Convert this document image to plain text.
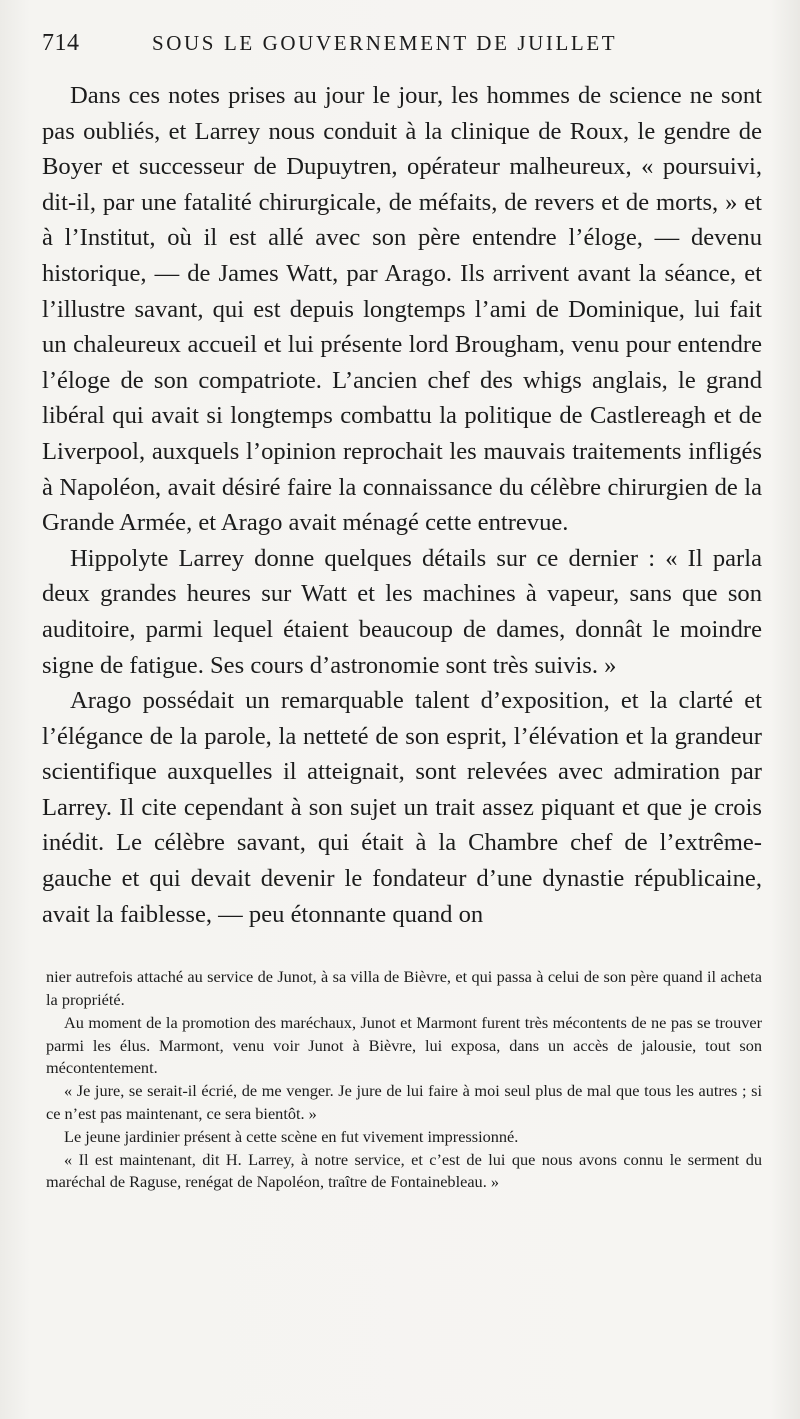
714	SOUS LE GOUVERNEMENT DE JUILLET

Dans ces notes prises au jour le jour, les hommes de science ne sont pas oubliés, et Larrey nous conduit à la clinique de Roux, le gendre de Boyer et successeur de Dupuytren, opérateur malheureux, « poursuivi, dit-il, par une fatalité chirurgicale, de méfaits, de revers et de morts, » et à l’Institut, où il est allé avec son père entendre l’éloge, — devenu historique, — de James Watt, par Arago. Ils arrivent avant la séance, et l’illustre savant, qui est depuis longtemps l’ami de Dominique, lui fait un chaleureux accueil et lui présente lord Brougham, venu pour entendre l’éloge de son compatriote. L’ancien chef des whigs anglais, le grand libéral qui avait si longtemps combattu la politique de Castlereagh et de Liverpool, auxquels l’opinion reprochait les mauvais traitements infligés à Napoléon, avait désiré faire la connaissance du célèbre chirurgien de la Grande Armée, et Arago avait ménagé cette entrevue.

Hippolyte Larrey donne quelques détails sur ce dernier : « Il parla deux grandes heures sur Watt et les machines à vapeur, sans que son auditoire, parmi lequel étaient beaucoup de dames, donnât le moindre signe de fatigue. Ses cours d’astronomie sont très suivis. »

Arago possédait un remarquable talent d’exposition, et la clarté et l’élégance de la parole, la netteté de son esprit, l’élévation et la grandeur scientifique auxquelles il atteignait, sont relevées avec admiration par Larrey. Il cite cependant à son sujet un trait assez piquant et que je crois inédit. Le célèbre savant, qui était à la Chambre chef de l’extrême-gauche et qui devait devenir le fondateur d’une dynastie républicaine, avait la faiblesse, — peu étonnante quand on

nier autrefois attaché au service de Junot, à sa villa de Bièvre, et qui passa à celui de son père quand il acheta la propriété.

Au moment de la promotion des maréchaux, Junot et Marmont furent très mécontents de ne pas se trouver parmi les élus. Marmont, venu voir Junot à Bièvre, lui exposa, dans un accès de jalousie, tout son mécontentement.

« Je jure, se serait-il écrié, de me venger. Je jure de lui faire à moi seul plus de mal que tous les autres ; si ce n’est pas maintenant, ce sera bientôt. »

Le jeune jardinier présent à cette scène en fut vivement impressionné.

« Il est maintenant, dit H. Larrey, à notre service, et c’est de lui que nous avons connu le serment du maréchal de Raguse, renégat de Napoléon, traître de Fontainebleau. »
